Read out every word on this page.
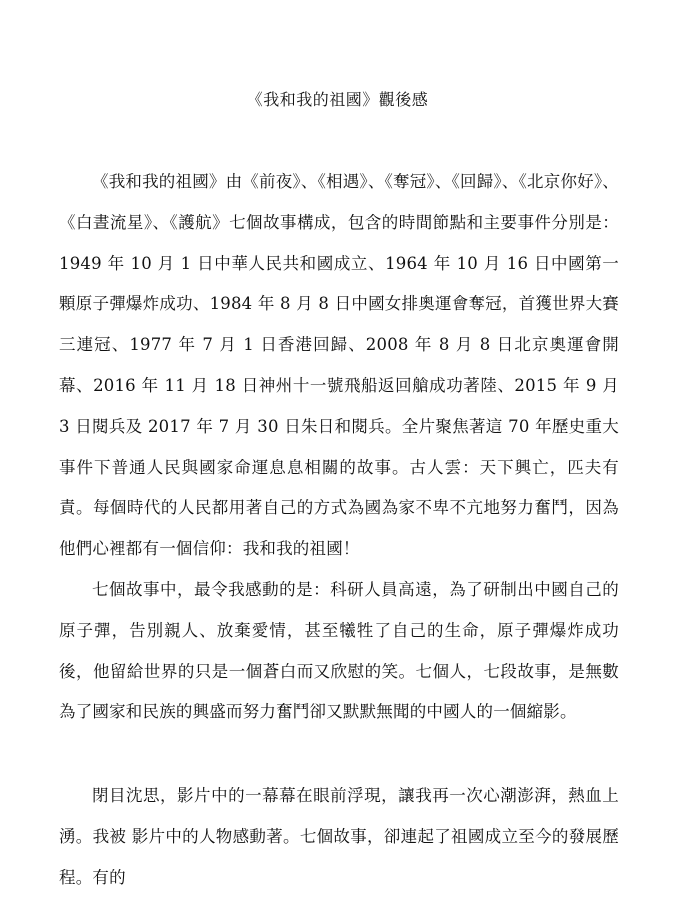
《我和我的祖國》觀後感

《我和我的祖國》由《前夜》、《相遇》、《奪冠》、《回歸》、《北京你好》、《白晝流星》、《護航》七個故事構成，包含的時間節點和主要事件分別是：1949 年 10 月 1 日中華人民共和國成立、1964 年 10 月 16 日中國第一顆原子彈爆炸成功、1984 年 8 月 8 日中國女排奧運會奪冠，首獲世界大賽三連冠、1977 年 7 月 1 日香港回歸、2008 年 8 月 8 日北京奧運會開幕、2016 年 11 月 18 日神州十一號飛船返回艙成功著陸、2015 年 9 月 3 日閱兵及 2017 年 7 月 30 日朱日和閱兵。全片聚焦著這 70 年歷史重大事件下普通人民與國家命運息息相關的故事。古人雲：天下興亡，匹夫有責。每個時代的人民都用著自己的方式為國為家不卑不亢地努力奮鬥，因為他們心裡都有一個信仰：我和我的祖國！

七個故事中，最令我感動的是：科研人員高遠，為了研制出中國自己的原子彈，告別親人、放棄愛情，甚至犧牲了自己的生命，原子彈爆炸成功後，他留給世界的只是一個蒼白而又欣慰的笑。七個人，七段故事，是無數為了國家和民族的興盛而努力奮鬥卻又默默無聞的中國人的一個縮影。

閉目沈思，影片中的一幕幕在眼前浮現，讓我再一次心潮澎湃，熱血上湧。我被 影片中的人物感動著。七個故事，卻連起了祖國成立至今的發展歷程。有的
